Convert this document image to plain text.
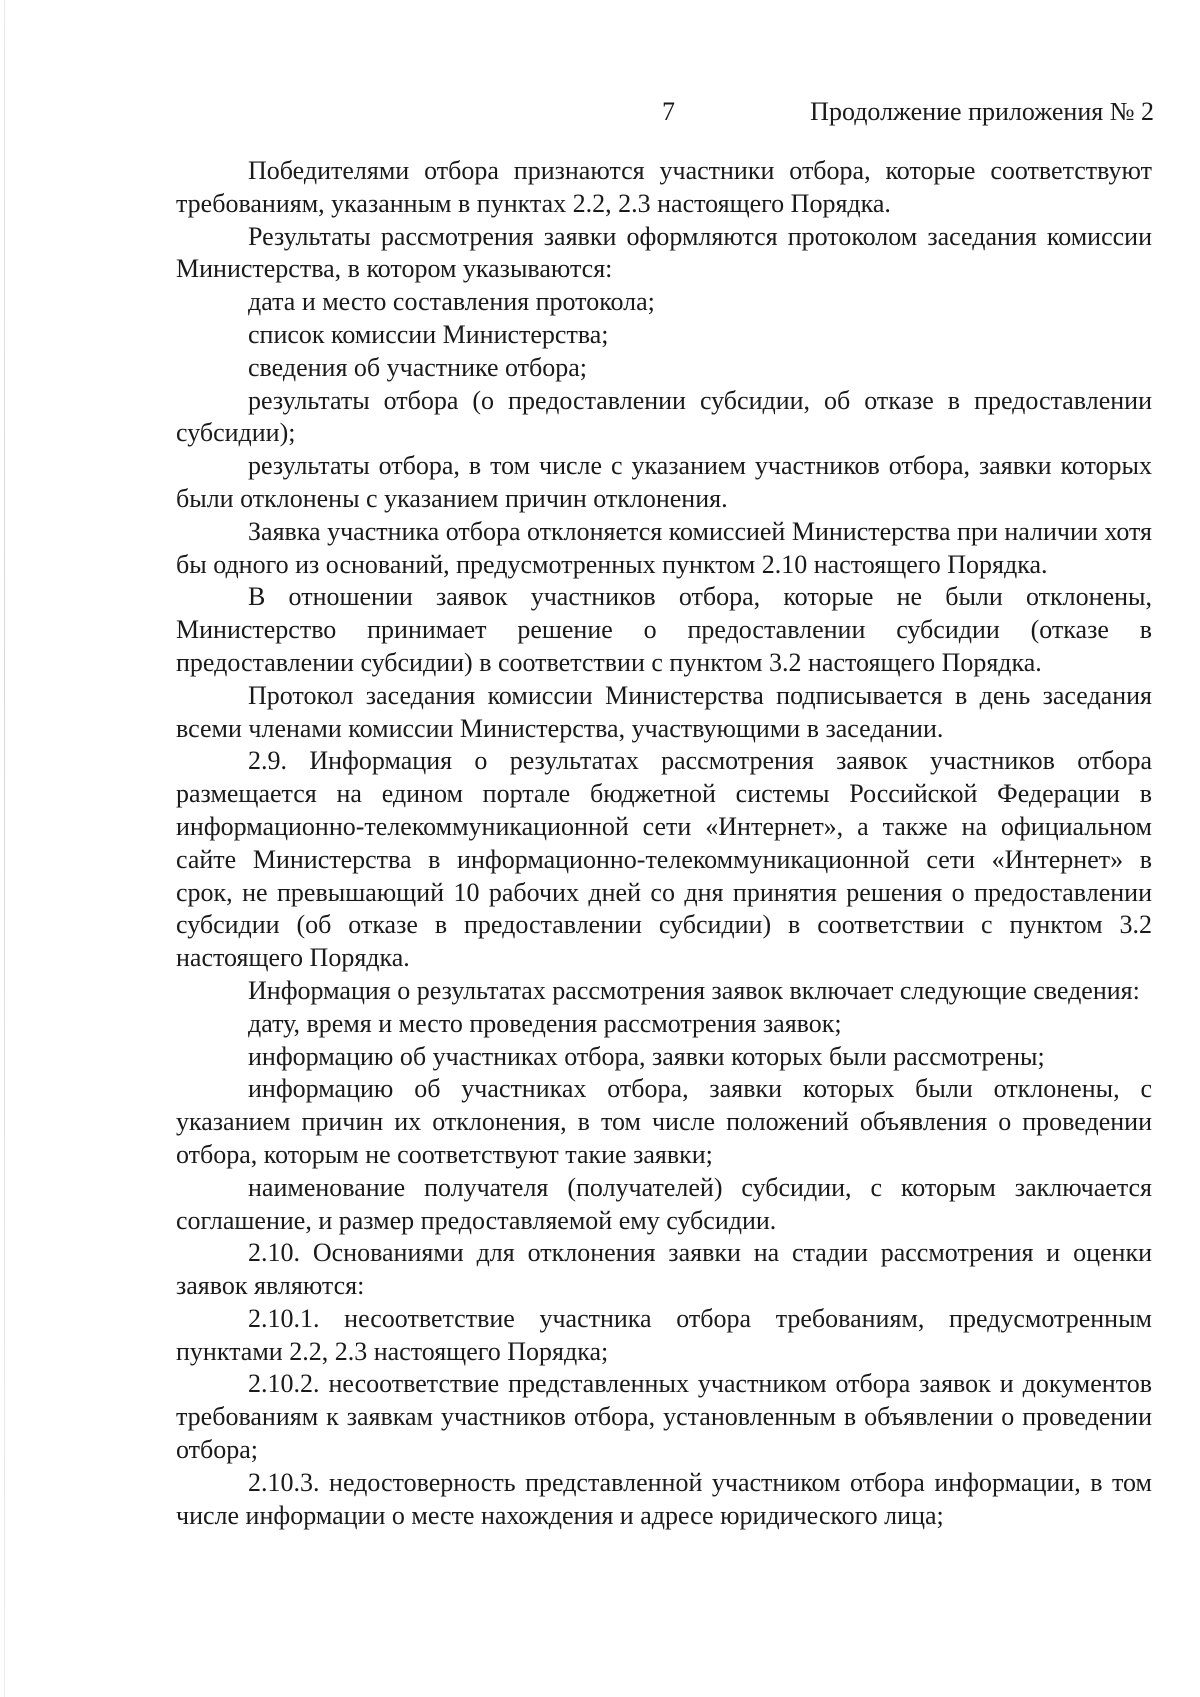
7	Продолжение приложения № 2

Победителями отбора признаются участники отбора, которые соответствуют требованиям, указанным в пунктах 2.2, 2.3 настоящего Порядка.

Результаты рассмотрения заявки оформляются протоколом заседания комиссии Министерства, в котором указываются:

дата и место составления протокола;

список комиссии Министерства;

сведения об участнике отбора;

результаты отбора (о предоставлении субсидии, об отказе в предоставлении субсидии);

результаты отбора, в том числе с указанием участников отбора, заявки которых были отклонены с указанием причин отклонения.

Заявка участника отбора отклоняется комиссией Министерства при наличии хотя бы одного из оснований, предусмотренных пунктом 2.10 настоящего Порядка.

В отношении заявок участников отбора, которые не были отклонены, Министерство принимает решение о предоставлении субсидии (отказе в предоставлении субсидии) в соответствии с пунктом 3.2 настоящего Порядка.

Протокол заседания комиссии Министерства подписывается в день заседания всеми членами комиссии Министерства, участвующими в заседании.

2.9. Информация о результатах рассмотрения заявок участников отбора размещается на едином портале бюджетной системы Российской Федерации в информационно-телекоммуникационной сети «Интернет», а также на официальном сайте Министерства в информационно-телекоммуникационной сети «Интернет» в срок, не превышающий 10 рабочих дней со дня принятия решения о предоставлении субсидии (об отказе в предоставлении субсидии) в соответствии с пунктом 3.2 настоящего Порядка.

Информация о результатах рассмотрения заявок включает следующие сведения:

дату, время и место проведения рассмотрения заявок;

информацию об участниках отбора, заявки которых были рассмотрены;

информацию об участниках отбора, заявки которых были отклонены, с указанием причин их отклонения, в том числе положений объявления о проведении отбора, которым не соответствуют такие заявки;

наименование получателя (получателей) субсидии, с которым заключается соглашение, и размер предоставляемой ему субсидии.

2.10. Основаниями для отклонения заявки на стадии рассмотрения и оценки заявок являются:

2.10.1. несоответствие участника отбора требованиям, предусмотренным пунктами 2.2, 2.3 настоящего Порядка;

2.10.2. несоответствие представленных участником отбора заявок и документов требованиям к заявкам участников отбора, установленным в объявлении о проведении отбора;

2.10.3. недостоверность представленной участником отбора информации, в том числе информации о месте нахождения и адресе юридического лица;
